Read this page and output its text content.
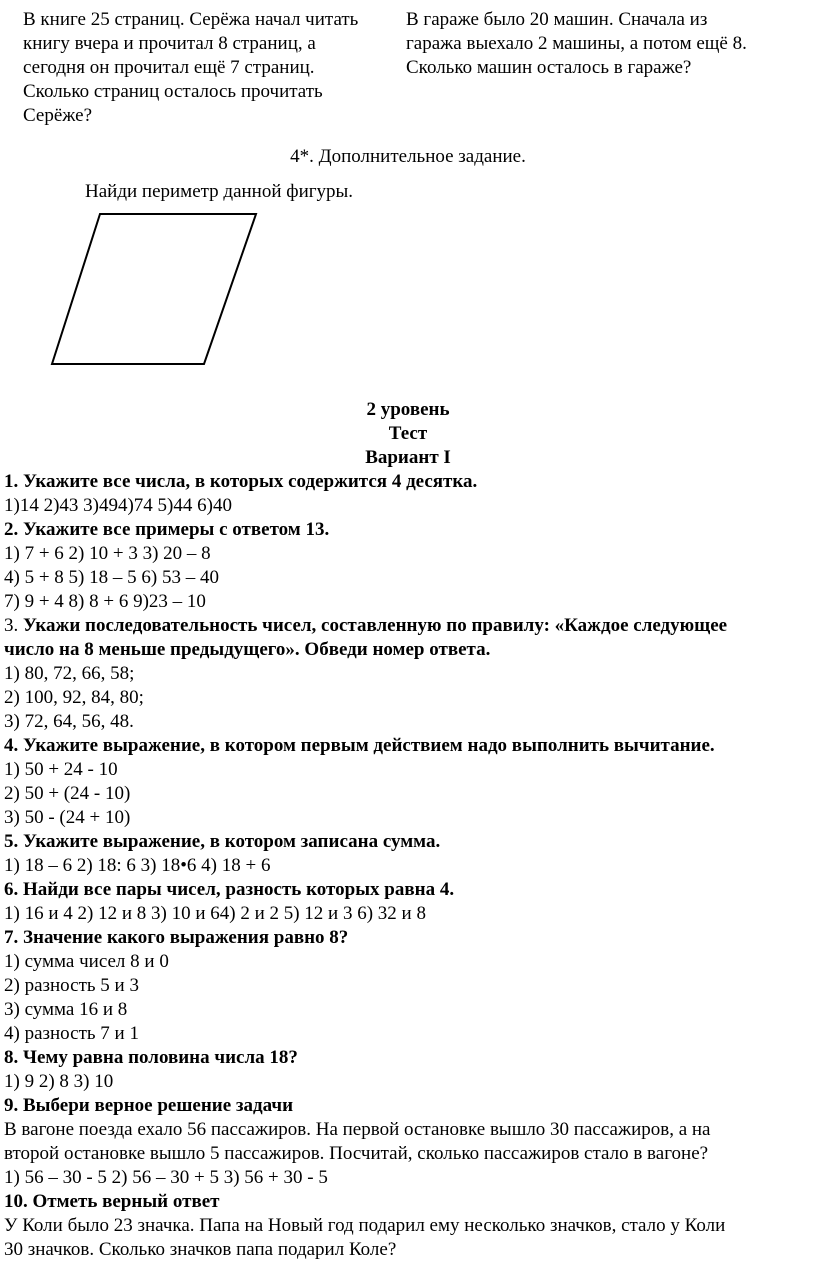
В книге 25 страниц. Серёжа начал читать
книгу вчера и прочитал 8 страниц, а
сегодня он прочитал ещё 7 страниц.
Сколько страниц осталось прочитать
Серёже?
В гараже было 20 машин. Сначала из
гаража выехало 2 машины, а потом ещё 8.
Сколько машин осталось в гараже?
4*. Дополнительное задание.
Найди периметр данной фигуры.
2 уровень
Тест
Вариант I
1. Укажите все числа, в которых содержится 4 десятка.
1)14 2)43 3)494)74 5)44 6)40
2. Укажите все примеры с ответом 13.
1) 7 + 6 2) 10 + 3 3) 20 – 8
4) 5 + 8 5) 18 – 5 6) 53 – 40
7) 9 + 4 8) 8 + 6 9)23 – 10
3. Укажи последовательность чисел, составленную по правилу: «Каждое следующее
число на 8 меньше предыдущего». Обведи номер ответа.
1) 80, 72, 66, 58;
2) 100, 92, 84, 80;
3) 72, 64, 56, 48.
4. Укажите выражение, в котором первым действием надо выполнить вычитание.
1) 50 + 24 - 10
2) 50 + (24 - 10)
3) 50 - (24 + 10)
5. Укажите выражение, в котором записана сумма.
1) 18 – 6 2) 18: 6 3) 18•6 4) 18 + 6
6. Найди все пары чисел, разность которых равна 4.
1) 16 и 4 2) 12 и 8 3) 10 и 64) 2 и 2 5) 12 и 3 6) 32 и 8
7. Значение какого выражения равно 8?
1) сумма чисел 8 и 0
2) разность 5 и 3
3) сумма 16 и 8
4) разность 7 и 1
8. Чему равна половина числа 18?
1) 9 2) 8 3) 10
9. Выбери верное решение задачи
В вагоне поезда ехало 56 пассажиров. На первой остановке вышло 30 пассажиров, а на
второй остановке вышло 5 пассажиров. Посчитай, сколько пассажиров стало в вагоне?
1) 56 – 30 - 5 2) 56 – 30 + 5 3) 56 + 30 - 5
10. Отметь верный ответ
У Коли было 23 значка. Папа на Новый год подарил ему несколько значков, стало у Коли
30 значков. Сколько значков папа подарил Коле?
